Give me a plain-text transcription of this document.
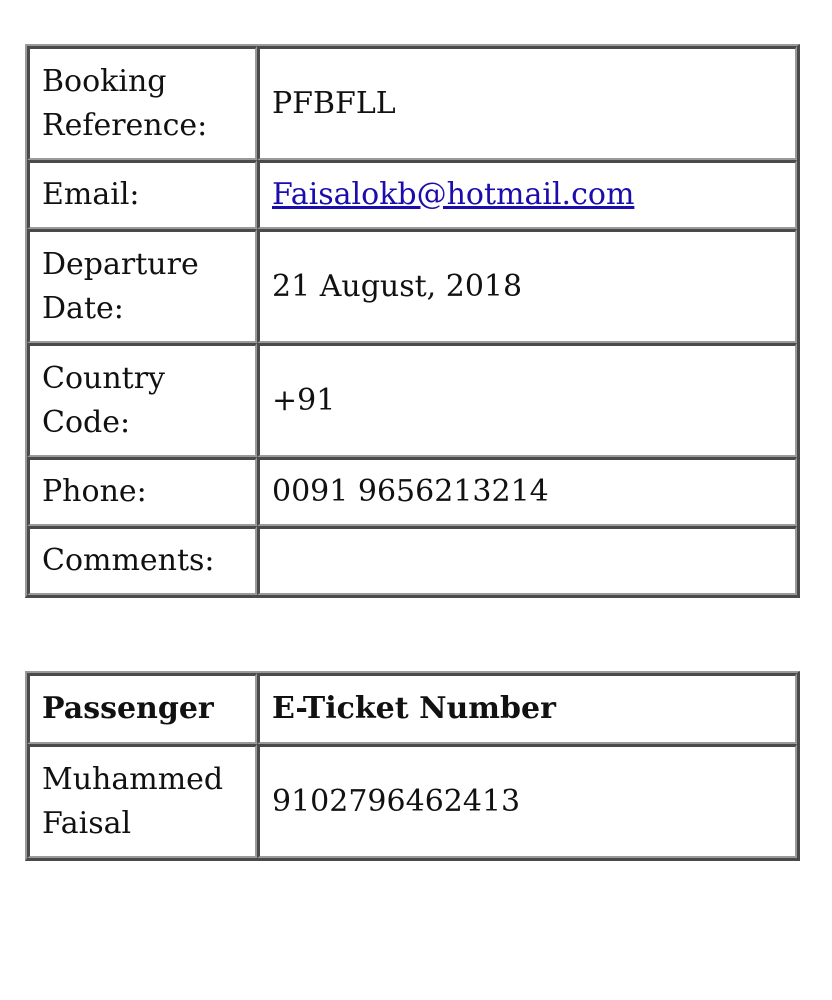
Booking Reference:	PFBFLL
Email:	Faisalokb@hotmail.com
Departure Date:	21 August, 2018
Country Code:	+91
Phone:	0091 9656213214
Comments:	
Passenger	E-Ticket Number
Muhammed Faisal	9102796462413
